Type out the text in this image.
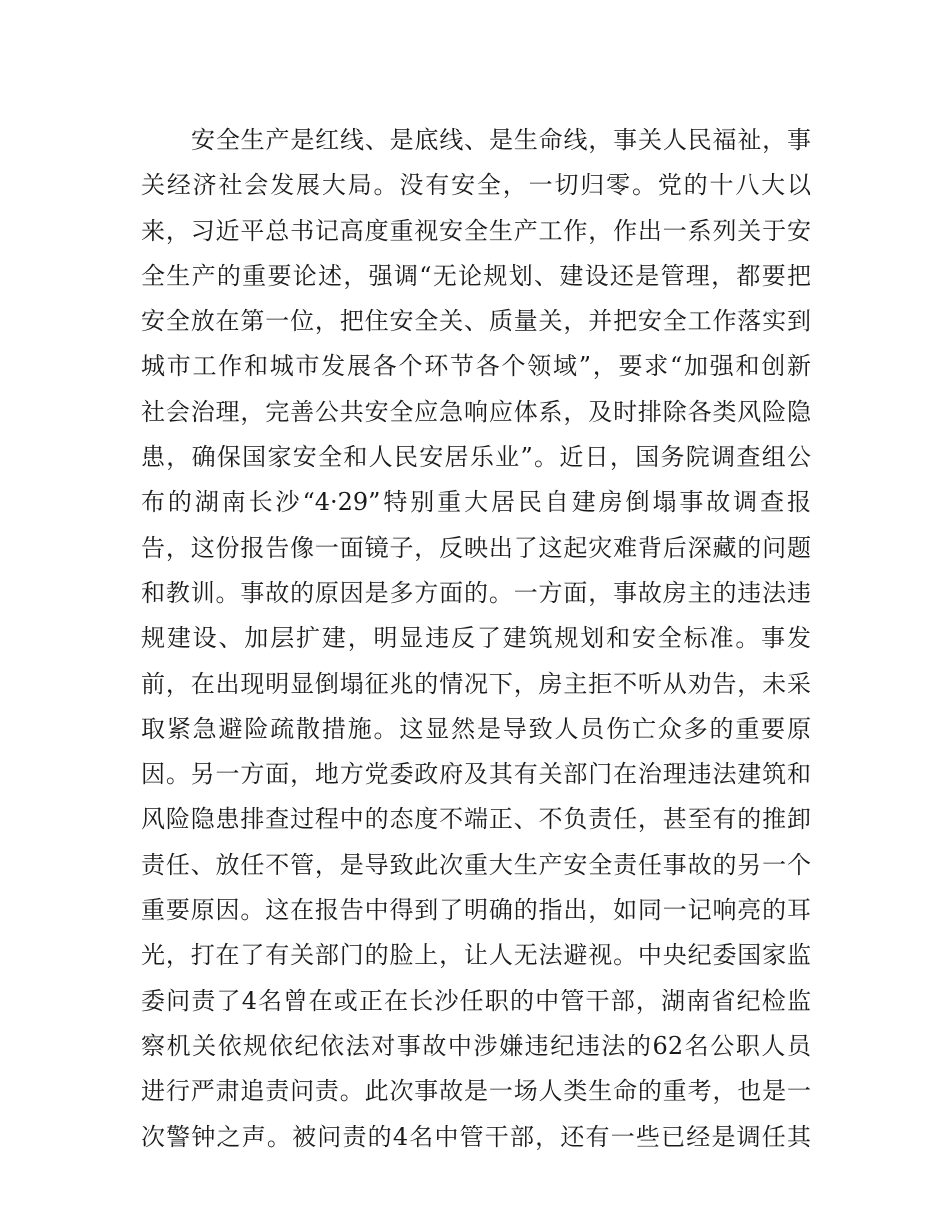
安全生产是红线、是底线、是生命线，事关人民福祉，事
关经济社会发展大局。没有安全，一切归零。党的十八大以
来，习近平总书记高度重视安全生产工作，作出一系列关于安
全生产的重要论述，强调“无论规划、建设还是管理，都要把
安全放在第一位，把住安全关、质量关，并把安全工作落实到
城市工作和城市发展各个环节各个领域”，要求“加强和创新
社会治理，完善公共安全应急响应体系，及时排除各类风险隐
患，确保国家安全和人民安居乐业”。近日，国务院调查组公
布的湖南长沙“4·29”特别重大居民自建房倒塌事故调查报
告，这份报告像一面镜子，反映出了这起灾难背后深藏的问题
和教训。事故的原因是多方面的。一方面，事故房主的违法违
规建设、加层扩建，明显违反了建筑规划和安全标准。事发
前，在出现明显倒塌征兆的情况下，房主拒不听从劝告，未采
取紧急避险疏散措施。这显然是导致人员伤亡众多的重要原
因。另一方面，地方党委政府及其有关部门在治理违法建筑和
风险隐患排查过程中的态度不端正、不负责任，甚至有的推卸
责任、放任不管，是导致此次重大生产安全责任事故的另一个
重要原因。这在报告中得到了明确的指出，如同一记响亮的耳
光，打在了有关部门的脸上，让人无法避视。中央纪委国家监
委问责了4名曾在或正在长沙任职的中管干部，湖南省纪检监
察机关依规依纪依法对事故中涉嫌违纪违法的62名公职人员
进行严肃追责问责。此次事故是一场人类生命的重考，也是一
次警钟之声。被问责的4名中管干部，还有一些已经是调任其
